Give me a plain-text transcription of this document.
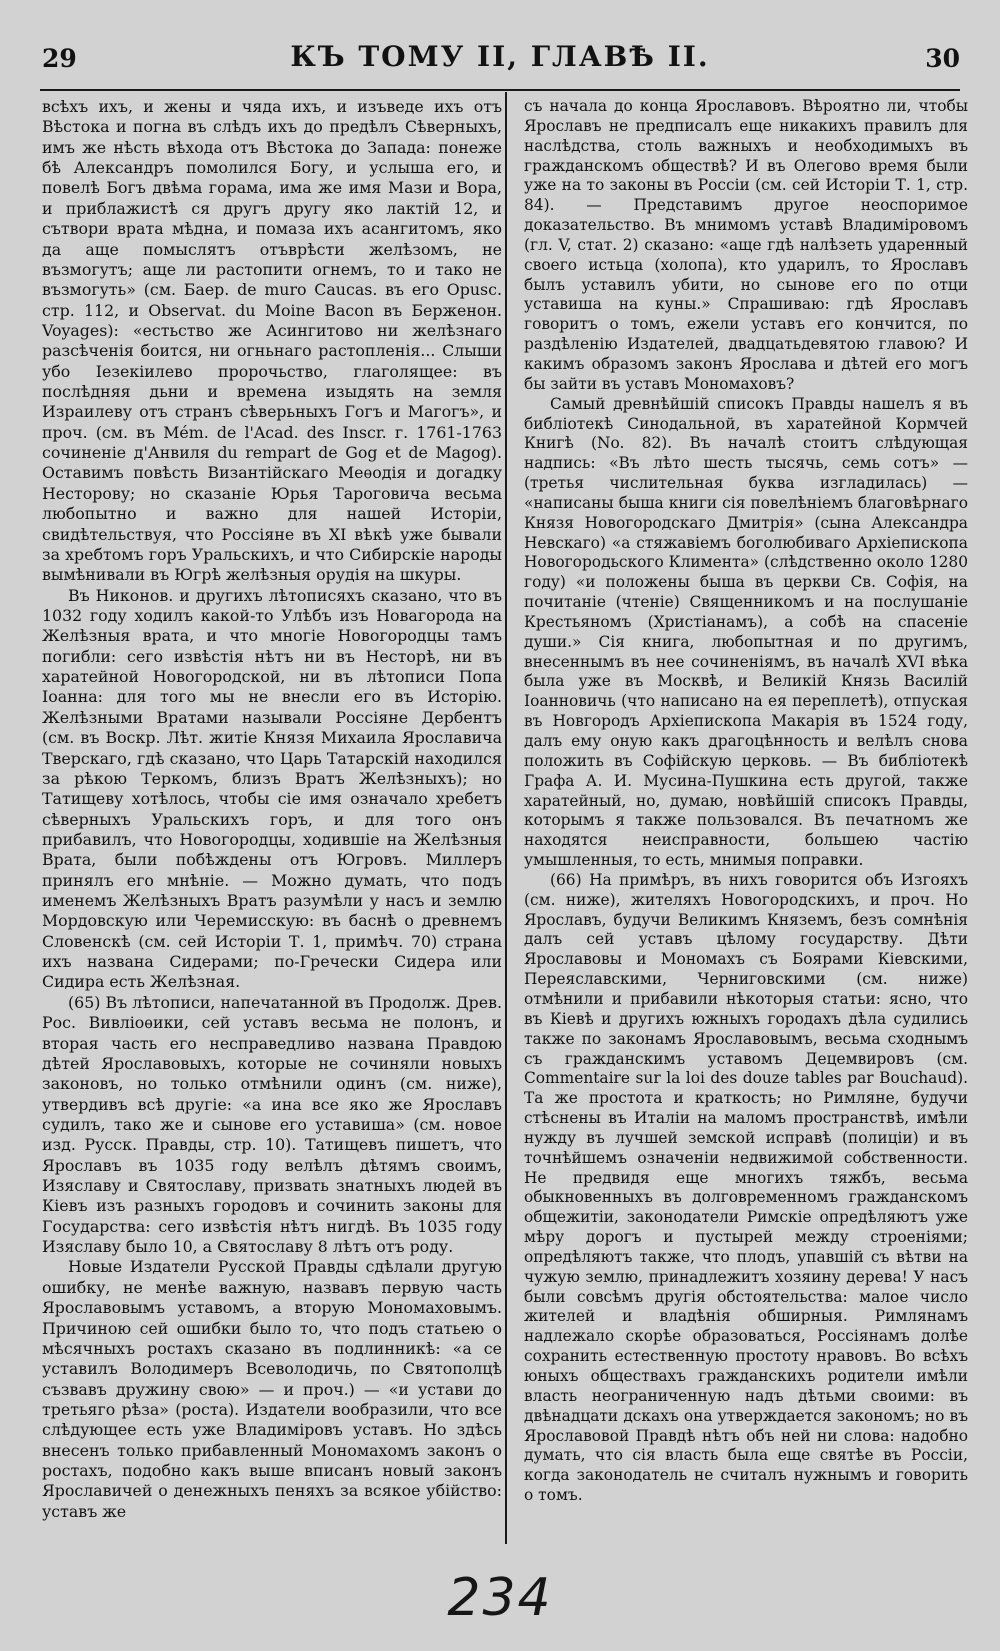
29	КЪ ТОМУ II, ГЛАВѢ II.	30

всѣхъ ихъ, и жены и чяда ихъ, и изъведе ихъ отъ Вѣстока и погна въ слѣдъ ихъ до предѣлъ Сѣверныхъ, имъ же нѣсть вѣхода отъ Вѣстока до Запада: понеже бѣ Александръ помолился Богу, и услыша его, и повелѣ Богъ двѣма горама, има же имя Мази и Вора, и приблажистѣ ся другъ другу яко лактій 12, и сътвори врата мѣдна, и помаза ихъ асангитомъ, яко да аще помыслятъ отъврѣсти желѣзомъ, не възмогутъ; аще ли растопити огнемъ, то и тако не възмогуть» (см. Баер. de muro Caucas. въ его Opusc. стр. 112, и Observat. du Moine Bacon въ Берженон. Voyages): «естьство же Асингитово ни желѣзнаго разсѣченія боится, ни огньнаго растопленія... Слыши убо Іезекіилево пророчьство, глаголящее: въ послѣдняя дьни и времена изыдять на земля Израилеву отъ странъ сѣверьныхъ Гогъ и Магогъ», и проч. (см. въ Mém. de l'Acad. des Inscr. г. 1761-1763 сочиненіе д'Анвиля du rempart de Gog et de Magog). Оставимъ повѣсть Византійскаго Меѳодія и догадку Несторову; но сказаніе Юрья Тароговича весьма любопытно и важно для нашей Исторіи, свидѣтельствуя, что Россіяне въ XI вѣкѣ уже бывали за хребтомъ горъ Уральскихъ, и что Сибирскіе народы вымѣнивали въ Югрѣ желѣзныя орудія на шкуры.

Въ Никонов. и другихъ лѣтописяхъ сказано, что въ 1032 году ходилъ какой-то Улѣбъ изъ Новагорода на Желѣзныя врата, и что многіе Новогородцы тамъ погибли: сего извѣстія нѣтъ ни въ Несторѣ, ни въ харатейной Новогородской, ни въ лѣтописи Попа Іоанна: для того мы не внесли его въ Исторію. Желѣзными Вратами называли Россіяне Дербентъ (см. въ Воскр. Лѣт. житіе Князя Михаила Ярославича Тверскаго, гдѣ сказано, что Царь Татарскій находился за рѣкою Теркомъ, близъ Вратъ Желѣзныхъ); но Татищеву хотѣлось, чтобы сіе имя означало хребетъ сѣверныхъ Уральскихъ горъ, и для того онъ прибавилъ, что Новогородцы, ходившіе на Желѣзныя Врата, были побѣждены отъ Югровъ. Миллеръ принялъ его мнѣніе. — Можно думать, что подъ именемъ Желѣзныхъ Вратъ разумѣли у насъ и землю Мордовскую или Черемисскую: въ баснѣ о древнемъ Словенскѣ (см. сей Исторіи Т. 1, примѣч. 70) страна ихъ названа Сидерами; по-Гречески Сидера или Сидира есть Желѣзная.

(65) Въ лѣтописи, напечатанной въ Продолж. Древ. Рос. Вивліоѳики, сей уставъ весьма не полонъ, и вторая часть его несправедливо названа Правдою дѣтей Ярославовыхъ, которые не сочиняли новыхъ законовъ, но только отмѣнили одинъ (см. ниже), утвердивъ всѣ другіе: «а ина все яко же Ярославъ судилъ, тако же и сынове его уставиша» (см. новое изд. Русск. Правды, стр. 10). Татищевъ пишетъ, что Ярославъ въ 1035 году велѣлъ дѣтямъ своимъ, Изяславу и Святославу, призвать знатныхъ людей въ Кіевъ изъ разныхъ городовъ и сочинить законы для Государства: сего извѣстія нѣтъ нигдѣ. Въ 1035 году Изяславу было 10, а Святославу 8 лѣтъ отъ роду.

Новые Издатели Русской Правды сдѣлали другую ошибку, не менѣе важную, назвавъ первую часть Ярославовымъ уставомъ, а вторую Мономаховымъ. Причиною сей ошибки было то, что подъ статьею о мѣсячныхъ ростахъ сказано въ подлинникѣ: «а се уставилъ Володимеръ Всеволодичь, по Святополцѣ съзвавъ дружину свою» — и проч.) — «и устави до третьяго рѣза» (роста). Издатели вообразили, что все слѣдующее есть уже Владиміровъ уставъ. Но здѣсь внесенъ только прибавленный Мономахомъ законъ о ростахъ, подобно какъ выше вписанъ новый законъ Ярославичей о денежныхъ пеняхъ за всякое убійство: уставъ же

съ начала до конца Ярославовъ. Вѣроятно ли, чтобы Ярославъ не предписалъ еще никакихъ правилъ для наслѣдства, столь важныхъ и необходимыхъ въ гражданскомъ обществѣ? И въ Олегово время были уже на то законы въ Россіи (см. сей Исторіи Т. 1, стр. 84). — Представимъ другое неоспоримое доказательство. Въ мнимомъ уставѣ Владиміровомъ (гл. V, стат. 2) сказано: «аще гдѣ налѣзеть ударенный своего истьца (холопа), кто ударилъ, то Ярославъ былъ уставилъ убити, но сынове его по отци уставиша на куны.» Спрашиваю: гдѣ Ярославъ говоритъ о томъ, ежели уставъ его кончится, по раздѣленію Издателей, двадцатьдевятою главою? И какимъ образомъ законъ Ярослава и дѣтей его могъ бы зайти въ уставъ Мономаховъ?

Самый древнѣйшій списокъ Правды нашелъ я въ библіотекѣ Синодальной, въ харатейной Кормчей Книгѣ (No. 82). Въ началѣ стоитъ слѣдующая надпись: «Въ лѣто шесть тысячь, семь сотъ» — (третья числительная буква изгладилась) — «написаны быша книги сія повелѣніемъ благовѣрнаго Князя Новогородскаго Дмитрія» (сына Александра Невскаго) «а стяжавіемъ боголюбиваго Архіепископа Новогородьского Климента» (слѣдственно около 1280 году) «и положены быша въ церкви Св. Софія, на почитаніе (чтеніе) Священникомъ и на послушаніе Крестьяномъ (Христіанамъ), а собѣ на спасеніе души.» Сія книга, любопытная и по другимъ, внесеннымъ въ нее сочиненіямъ, въ началѣ XVI вѣка была уже въ Москвѣ, и Великій Князь Василій Іоанновичь (что написано на ея переплетѣ), отпуская въ Новгородъ Архіепископа Макарія въ 1524 году, далъ ему оную какъ драгоцѣнность и велѣлъ снова положить въ Софійскую церковь. — Въ библіотекѣ Графа А. И. Мусина-Пушкина есть другой, также харатейный, но, думаю, новѣйшій списокъ Правды, которымъ я также пользовался. Въ печатномъ же находятся неисправности, большею частію умышленныя, то есть, мнимыя поправки.

(66) На примѣръ, въ нихъ говорится объ Изгояхъ (см. ниже), жителяхъ Новогородскихъ, и проч. Но Ярославъ, будучи Великимъ Княземъ, безъ сомнѣнія далъ сей уставъ цѣлому государству. Дѣти Ярославовы и Мономахъ съ Боярами Кіевскими, Переяславскими, Черниговскими (см. ниже) отмѣнили и прибавили нѣкоторыя статьи: ясно, что въ Кіевѣ и другихъ южныхъ городахъ дѣла судились также по законамъ Ярославовымъ, весьма сходнымъ съ гражданскимъ уставомъ Децемвировъ (см. Commentaire sur la loi des douze tables par Bouchaud). Та же простота и краткость; но Римляне, будучи стѣснены въ Италіи на маломъ пространствѣ, имѣли нужду въ лучшей земской исправѣ (полиціи) и въ точнѣйшемъ означеніи недвижимой собственности. Не предвидя еще многихъ тяжбъ, весьма обыкновенныхъ въ долговременномъ гражданскомъ общежитіи, законодатели Римскіе опредѣляютъ уже мѣру дорогъ и пустырей между строеніями; опредѣляютъ также, что плодъ, упавшій съ вѣтви на чужую землю, принадлежитъ хозяину дерева! У насъ были совсѣмъ другія обстоятельства: малое число жителей и владѣнія обширныя. Римлянамъ надлежало скорѣе образоваться, Россіянамъ долѣе сохранить естественную простоту нравовъ. Во всѣхъ юныхъ обществахъ гражданскихъ родители имѣли власть неограниченную надъ дѣтьми своими: въ двѣнадцати дскахъ она утверждается закономъ; но въ Ярославовой Правдѣ нѣтъ объ ней ни слова: надобно думать, что сія власть была еще святѣе въ Россіи, когда законодатель не считалъ нужнымъ и говорить о томъ.

234
